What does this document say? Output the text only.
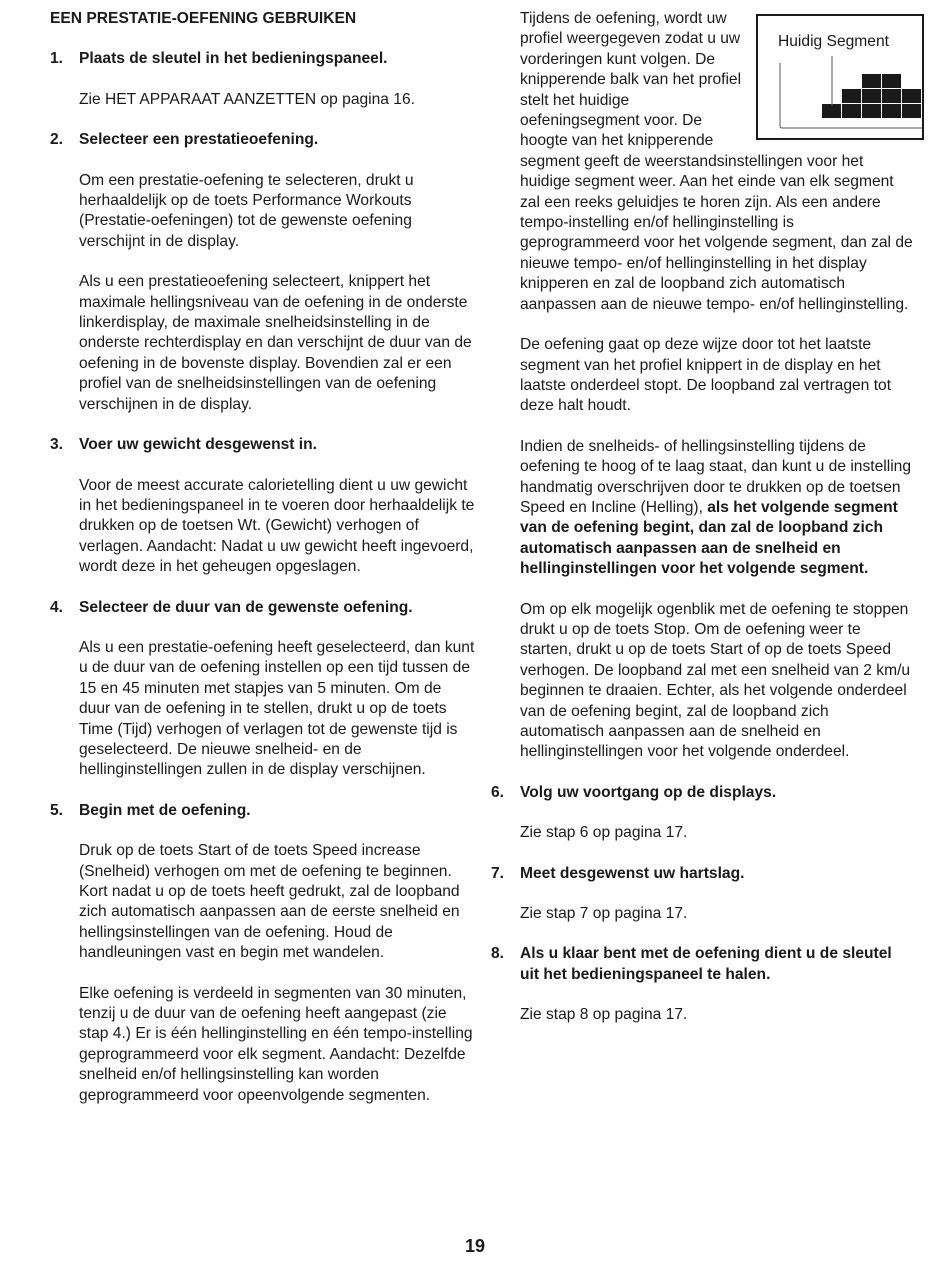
EEN PRESTATIE-OEFENING GEBRUIKEN
1.	Plaats de sleutel in het bedieningspaneel.
Zie HET APPARAAT AANZETTEN op pagina 16.
2.	Selecteer een prestatieoefening.
Om een prestatie-oefening te selecteren, drukt u herhaaldelijk op de toets Performance Workouts (Prestatie-oefeningen) tot de gewenste oefening verschijnt in de display.
Als u een prestatieoefening selecteert, knippert het maximale hellingsniveau van de oefening in de onderste linkerdisplay, de maximale snelheidsinstelling in de onderste rechterdisplay en dan verschijnt de duur van de oefening in de bovenste display. Bovendien zal er een profiel van de snelheidsinstellingen van de oefening verschijnen in de display.
3.	Voer uw gewicht desgewenst in.
Voor de meest accurate calorietelling dient u uw gewicht in het bedieningspaneel in te voeren door herhaaldelijk te drukken op de toetsen Wt. (Gewicht) verhogen of verlagen. Aandacht: Nadat u uw gewicht heeft ingevoerd, wordt deze in het geheugen opgeslagen.
4.	Selecteer de duur van de gewenste oefening.
Als u een prestatie-oefening heeft geselecteerd, dan kunt u de duur van de oefening instellen op een tijd tussen de 15 en 45 minuten met stapjes van 5 minuten. Om de duur van de oefening in te stellen, drukt u op de toets Time (Tijd) verhogen of verlagen tot de gewenste tijd is geselecteerd. De nieuwe snelheid- en de hellinginstellingen zullen in de display verschijnen.
5.	Begin met de oefening.
Druk op de toets Start of de toets Speed increase (Snelheid) verhogen om met de oefening te beginnen. Kort nadat u op de toets heeft gedrukt, zal de loopband zich automatisch aanpassen aan de eerste snelheid en hellingsinstellingen van de oefening. Houd de handleuningen vast en begin met wandelen.
Elke oefening is verdeeld in segmenten van 30 minuten, tenzij u de duur van de oefening heeft aangepast (zie stap 4.) Er is één hellinginstelling en één tempo-instelling geprogrammeerd voor elk segment. Aandacht: Dezelfde snelheid en/of hellingsinstelling kan worden geprogrammeerd voor opeenvolgende segmenten.
Huidig Segment
Tijdens de oefening, wordt uw profiel weergegeven zodat u uw vorderingen kunt volgen. De knipperende balk van het profiel stelt het huidige oefeningsegment voor. De hoogte van het knipperende segment geeft de weerstandsinstellingen voor het huidige segment weer. Aan het einde van elk segment zal een reeks geluidjes te horen zijn. Als een andere tempo-instelling en/of hellinginstelling is geprogrammeerd voor het volgende segment, dan zal de nieuwe tempo- en/of hellinginstelling in het display knipperen en zal de loopband zich automatisch aanpassen aan de nieuwe tempo- en/of hellinginstelling.
De oefening gaat op deze wijze door tot het laatste segment van het profiel knippert in de display en het laatste onderdeel stopt. De loopband zal vertragen tot deze halt houdt.
Indien de snelheids- of hellingsinstelling tijdens de oefening te hoog of te laag staat, dan kunt u de instelling handmatig overschrijven door te drukken op de toetsen Speed en Incline (Helling), als het volgende segment van de oefening begint, dan zal de loopband zich automatisch aanpassen aan de snelheid en hellinginstellingen voor het volgende segment.
Om op elk mogelijk ogenblik met de oefening te stoppen drukt u op de toets Stop. Om de oefening weer te starten, drukt u op de toets Start of op de toets Speed verhogen. De loopband zal met een snelheid van 2 km/u beginnen te draaien. Echter, als het volgende onderdeel van de oefening begint, zal de loopband zich automatisch aanpassen aan de snelheid en hellinginstellingen voor het volgende onderdeel.
6.	Volg uw voortgang op de displays.
Zie stap 6 op pagina 17.
7.	Meet desgewenst uw hartslag.
Zie stap 7 op pagina 17.
8.	Als u klaar bent met de oefening dient u de sleutel uit het bedieningspaneel te halen.
Zie stap 8 op pagina 17.
19
